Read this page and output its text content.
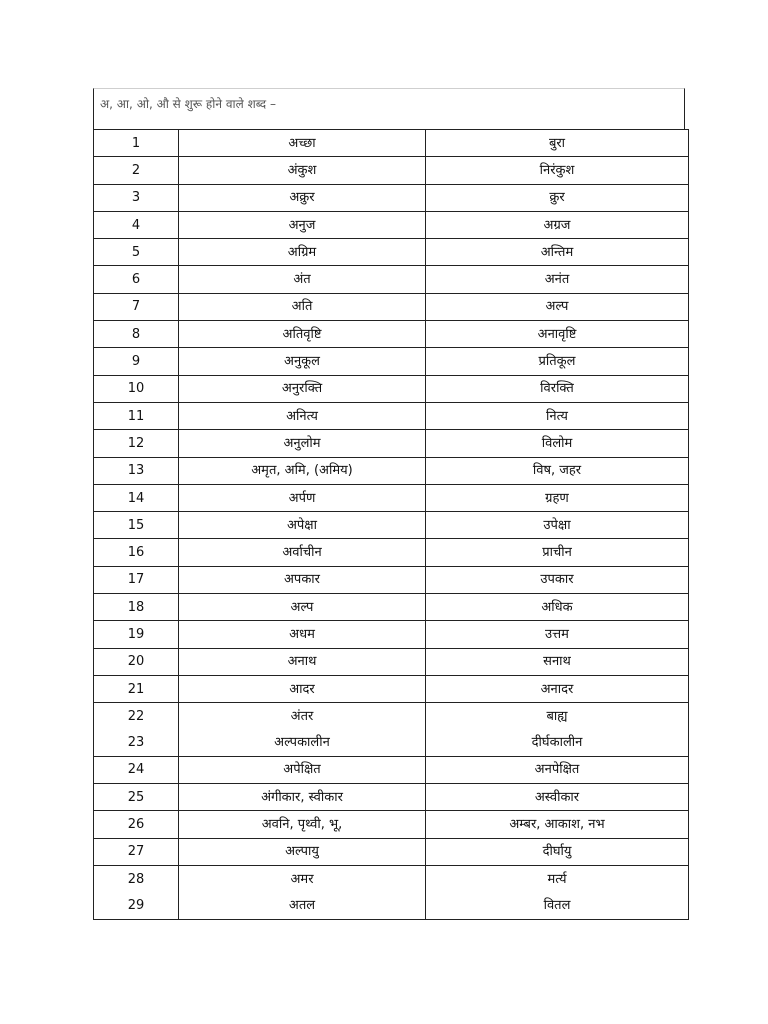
अ, आ, ओ, औ से शुरू होने वाले शब्द –
1	अच्छा	बुरा
2	अंकुश	निरंकुश
3	अक्रुर	क्रुर
4	अनुज	अग्रज
5	अग्रिम	अन्तिम
6	अंत	अनंत
7	अति	अल्प
8	अतिवृष्टि	अनावृष्टि
9	अनुकूल	प्रतिकूल
10	अनुरक्ति	विरक्ति
11	अनित्य	नित्य
12	अनुलोम	विलोम
13	अमृत, अमि, (अमिय)	विष, जहर
14	अर्पण	ग्रहण
15	अपेक्षा	उपेक्षा
16	अर्वाचीन	प्राचीन
17	अपकार	उपकार
18	अल्प	अधिक
19	अधम	उत्तम
20	अनाथ	सनाथ
21	आदर	अनादर
22	अंतर	बाह्य
23	अल्पकालीन	दीर्घकालीन
24	अपेक्षित	अनपेक्षित
25	अंगीकार, स्वीकार	अस्वीकार
26	अवनि, पृथ्वी, भू,	अम्बर, आकाश, नभ
27	अल्पायु	दीर्घायु
28	अमर	मर्त्य
29	अतल	वितल
